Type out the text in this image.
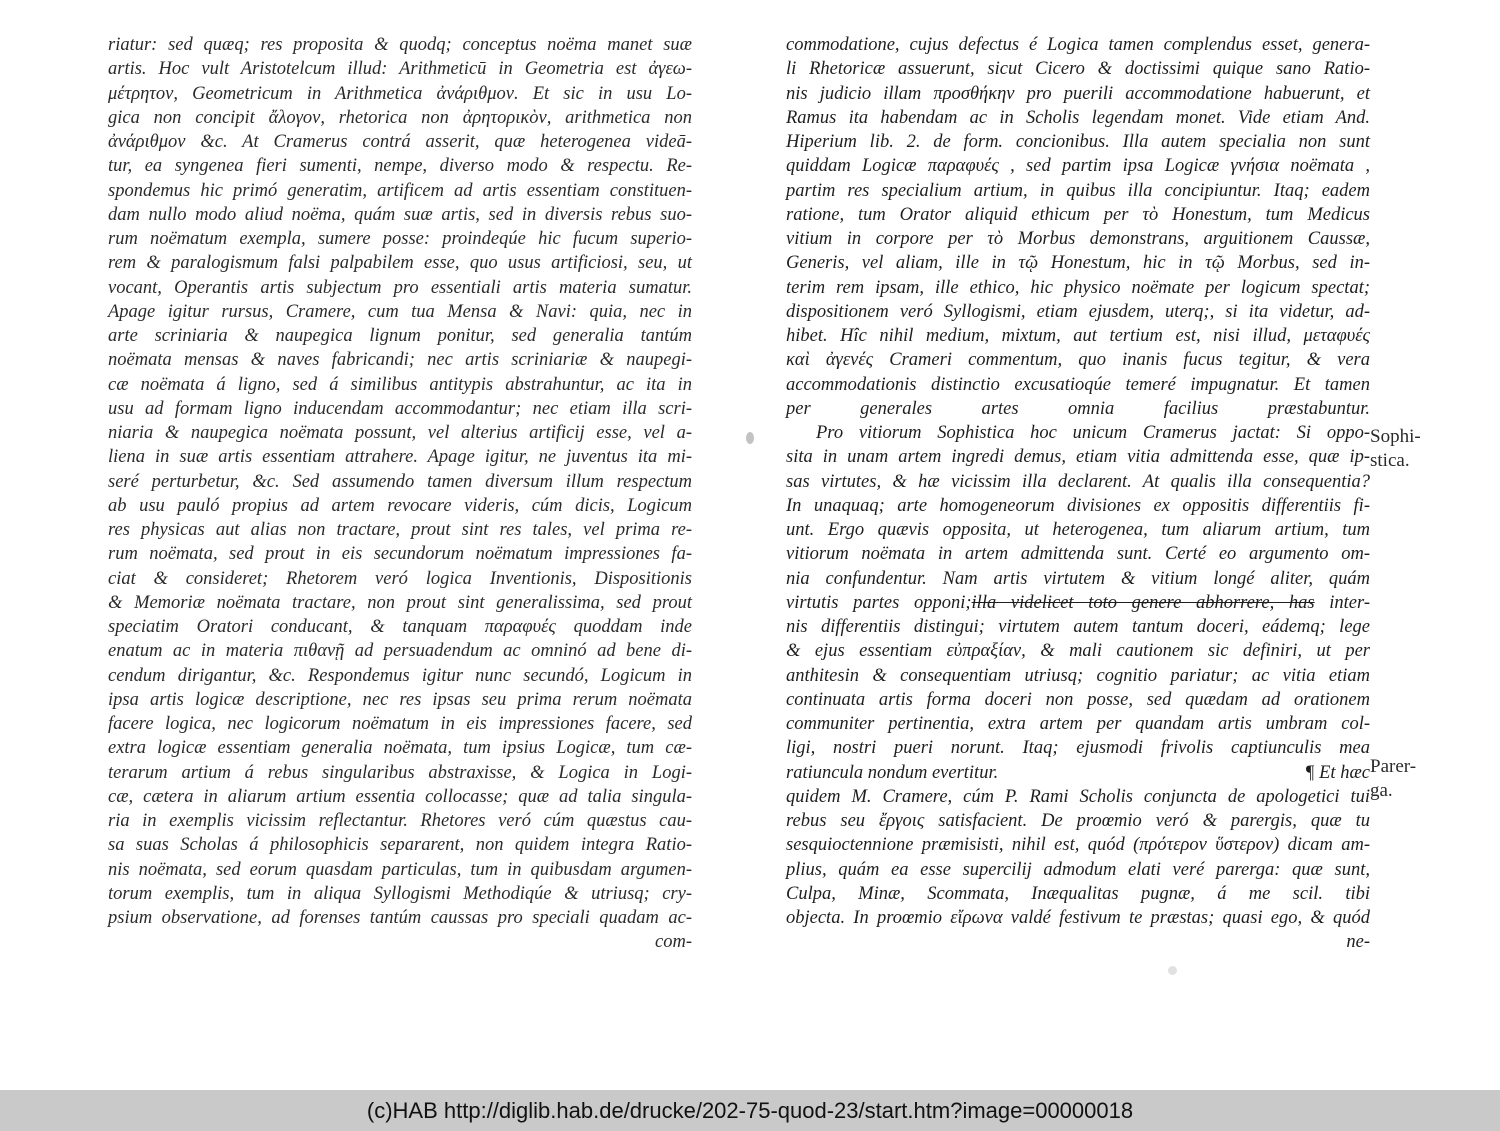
riatur: sed quæq; res proposita & quodq; conceptus noëma manet suæ
artis. Hoc vult Aristotelcum illud: Arithmeticū in Geometria est ἀγεω-
μέτρητον, Geometricum in Arithmetica ἀνάριθμον. Et sic in usu Lo-
gica non concipit ἄλογον, rhetorica non ἀρητορικὸν, arithmetica non
ἀνάριθμον &c. At Cramerus contrá asserit, quæ heterogenea videā-
tur, ea syngenea fieri sumenti, nempe, diverso modo & respectu. Re-
spondemus hic primó generatim, artificem ad artis essentiam constituen-
dam nullo modo aliud noëma, quám suæ artis, sed in diversis rebus suo-
rum noëmatum exempla, sumere posse: proindeqúe hic fucum superio-
rem & paralogismum falsi palpabilem esse, quo usus artificiosi, seu, ut
vocant, Operantis artis subjectum pro essentiali artis materia sumatur.
Apage igitur rursus, Cramere, cum tua Mensa & Navi: quia, nec in
arte scriniaria & naupegica lignum ponitur, sed generalia tantúm
noëmata mensas & naves fabricandi; nec artis scriniariæ & naupegi-
cæ noëmata á ligno, sed á similibus antitypis abstrahuntur, ac ita in
usu ad formam ligno inducendam accommodantur; nec etiam illa scri-
niaria & naupegica noëmata possunt, vel alterius artificij esse, vel a-
liena in suæ artis essentiam attrahere. Apage igitur, ne juventus ita mi-
seré perturbetur, &c. Sed assumendo tamen diversum illum respectum
ab usu pauló propius ad artem revocare videris, cúm dicis, Logicum
res physicas aut alias non tractare, prout sint res tales, vel prima re-
rum noëmata, sed prout in eis secundorum noëmatum impressiones fa-
ciat & consideret; Rhetorem veró logica Inventionis, Dispositionis
& Memoriæ noëmata tractare, non prout sint generalissima, sed prout
speciatim Oratori conducant, & tanquam παραφυές quoddam inde
enatum ac in materia πιθανῇ ad persuadendum ac omninó ad bene di-
cendum dirigantur, &c. Respondemus igitur nunc secundó, Logicum in
ipsa artis logicæ descriptione, nec res ipsas seu prima rerum noëmata
facere logica, nec logicorum noëmatum in eis impressiones facere, sed
extra logicæ essentiam generalia noëmata, tum ipsius Logicæ, tum cæ-
terarum artium á rebus singularibus abstraxisse, & Logica in Logi-
cæ, cætera in aliarum artium essentia collocasse; quæ ad talia singula-
ria in exemplis vicissim reflectantur. Rhetores veró cúm quæstus cau-
sa suas Scholas á philosophicis separarent, non quidem integra Ratio-
nis noëmata, sed eorum quasdam particulas, tum in quibusdam argumen-
torum exemplis, tum in aliqua Syllogismi Methodiqúe & utriusq; cry-
psium observatione, ad forenses tantúm caussas pro speciali quadam ac-
com-
commodatione, cujus defectus é Logica tamen complendus esset, genera-
li Rhetoricæ assuerunt, sicut Cicero & doctissimi quique sano Ratio-
nis judicio illam προσθήκην pro puerili accommodatione habuerunt, et
Ramus ita habendam ac in Scholis legendam monet. Vide etiam And.
Hiperium lib. 2. de form. concionibus. Illa autem specialia non sunt
quiddam Logicæ παραφυές , sed partim ipsa Logicæ γνήσια noëmata ,
partim res specialium artium, in quibus illa concipiuntur. Itaq; eadem
ratione, tum Orator aliquid ethicum per τὸ Honestum, tum Medicus
vitium in corpore per τὸ Morbus demonstrans, arguitionem Caussæ,
Generis, vel aliam, ille in τῷ Honestum, hic in τῷ Morbus, sed in-
terim rem ipsam, ille ethico, hic physico noëmate per logicum spectat;
dispositionem veró Syllogismi, etiam ejusdem, uterq;, si ita videtur, ad-
hibet. Hîc nihil medium, mixtum, aut tertium est, nisi illud, μεταφυές
καὶ ἀγενές Crameri commentum, quo inanis fucus tegitur, & vera
accommodationis distinctio excusatioqúe temeré impugnatur. Et tamen
per generales artes omnia facilius præstabuntur.
Pro vitiorum Sophistica hoc unicum Cramerus jactat: Si oppo-
sita in unam artem ingredi demus, etiam vitia admittenda esse, quæ ip-
sas virtutes, & hæ vicissim illa declarent. At qualis illa consequentia?
In unaquaq; arte homogeneorum divisiones ex oppositis differentiis fi-
unt. Ergo quævis opposita, ut heterogenea, tum aliarum artium, tum
vitiorum noëmata in artem admittenda sunt. Certé eo argumento om-
nia confundentur. Nam artis virtutem & vitium longé aliter, quám
virtutis partes opponi;illa videlicet toto genere abhorrere, has inter-
nis differentiis distingui; virtutem autem tantum doceri, eádemq; lege
& ejus essentiam εὐπραξίαν, & mali cautionem sic definiri, ut per
anthitesin & consequentiam utriusq; cognitio pariatur; ac vitia etiam
continuata artis forma doceri non posse, sed quædam ad orationem
communiter pertinentia, extra artem per quandam artis umbram col-
ligi, nostri pueri norunt. Itaq; ejusmodi frivolis captiunculis mea
ratiuncula nondum evertitur.	¶ Et hæc
quidem M. Cramere, cúm P. Rami Scholis conjuncta de apologetici tui
rebus seu ἔργοις satisfacient. De proœmio veró & parergis, quæ tu
sesquioctennione præmisisti, nihil est, quód (πρότερον ὕστερον) dicam am-
plius, quám ea esse supercilij admodum elati veré parerga: quæ sunt,
Culpa, Minæ, Scommata, Inæqualitas pugnæ, á me scil. tibi
objecta. In proœmio εἴρωνα valdé festivum te præstas; quasi ego, & quód
ne-
Sophi-
stica.
Parer-
ga.
(c)HAB http://diglib.hab.de/drucke/202-75-quod-23/start.htm?image=00000018
